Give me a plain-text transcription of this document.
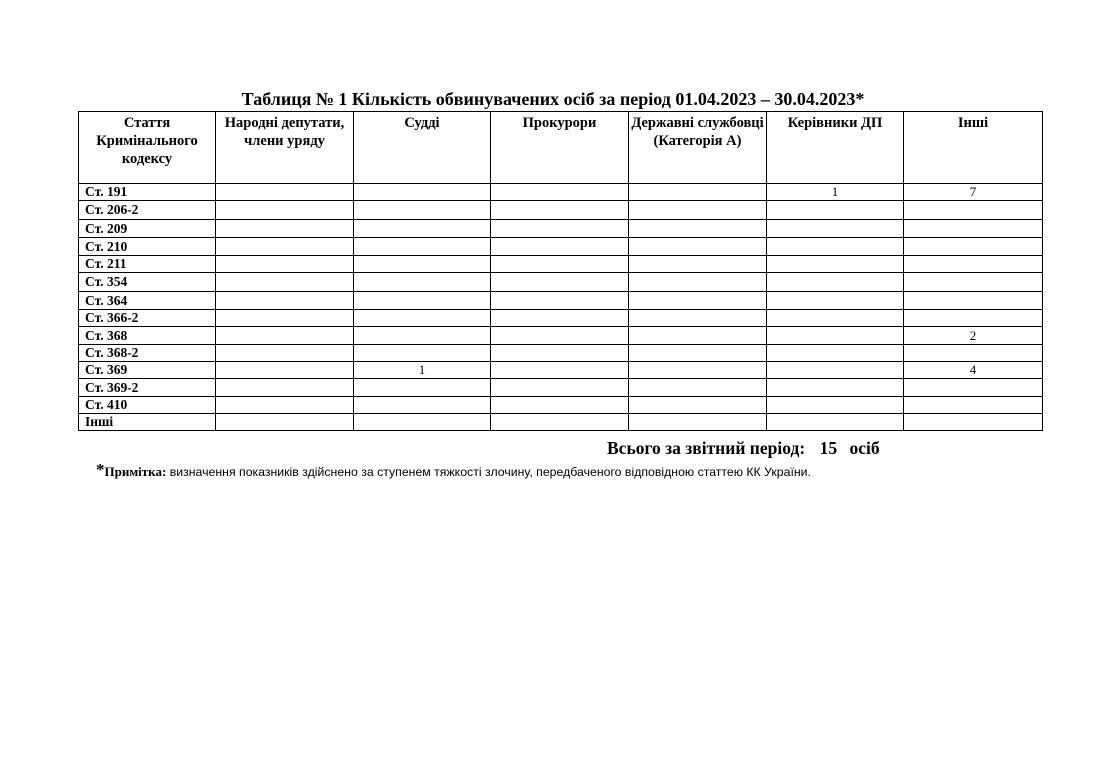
Таблиця № 1 Кількість обвинувачених осіб за період 01.04.2023 – 30.04.2023*
Стаття Кримінального кодексу	Народні депутати, члени уряду	Судді	Прокурори	Державні службовці (Категорія А)	Керівники ДП	Інші
Ст. 191					1	7
Ст. 206-2						
Ст. 209						
Ст. 210						
Ст. 211						
Ст. 354						
Ст. 364						
Ст. 366-2						
Ст. 368						2
Ст. 368-2						
Ст. 369		1				4
Ст. 369-2						
Ст. 410						
Інші						
Всього за звітний період: 15 осіб
*Примітка: визначення показників здійснено за ступенем тяжкості злочину, передбаченого відповідною статтею КК України.
